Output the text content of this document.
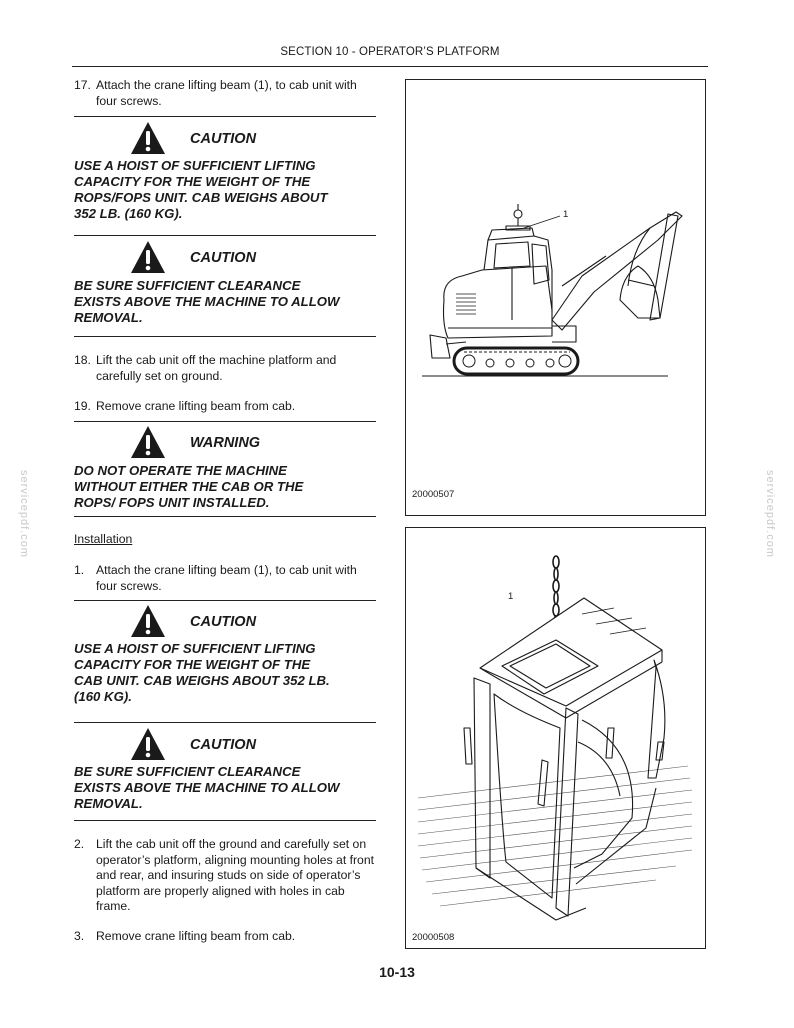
SECTION 10 - OPERATOR’S PLATFORM
servicepdf.com	servicepdf.com
17. Attach the crane lifting beam (1), to cab unit with four screws.
CAUTION
USE A HOIST OF SUFFICIENT LIFTING
CAPACITY FOR THE WEIGHT OF THE
ROPS/FOPS UNIT. CAB WEIGHS ABOUT
352 LB. (160 KG).
CAUTION
BE SURE SUFFICIENT CLEARANCE
EXISTS ABOVE THE MACHINE TO ALLOW
REMOVAL.
18. Lift the cab unit off the machine platform and carefully set on ground.
19. Remove crane lifting beam from cab.
WARNING
DO NOT OPERATE THE MACHINE
WITHOUT EITHER THE CAB OR THE
ROPS/ FOPS UNIT INSTALLED.
Installation
1. Attach the crane lifting beam (1), to cab unit with four screws.
CAUTION
USE A HOIST OF SUFFICIENT LIFTING
CAPACITY FOR THE WEIGHT OF THE
CAB UNIT. CAB WEIGHS ABOUT 352 LB.
(160 KG).
CAUTION
BE SURE SUFFICIENT CLEARANCE
EXISTS ABOVE THE MACHINE TO ALLOW
REMOVAL.
2. Lift the cab unit off the ground and carefully set on operator’s platform, aligning mounting holes at front and rear, and insuring studs on side of operator’s platform are properly aligned with holes in cab frame.
3. Remove crane lifting beam from cab.
20000507
1
20000508
1
10-13
